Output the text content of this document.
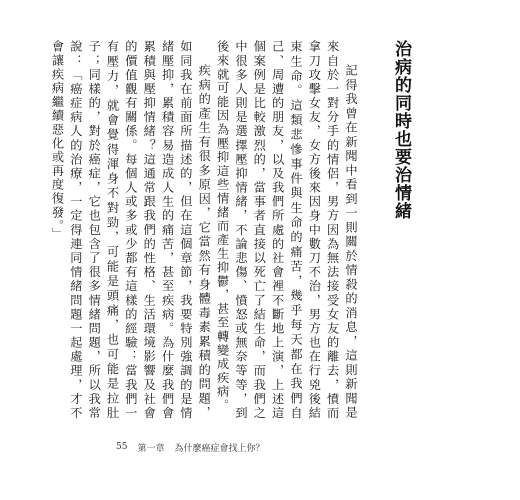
治病的同時也要治情緒

記得我曾在新聞中看到一則關於情殺的消息，這則新聞是來自於一對分手的情侶，男方因為無法接受女友的離去，憤而拿刀攻擊女友，女方後來因身中數刀不治，男方也在行兇後結束生命。這類悲慘事件與生命的痛苦，幾乎每天都在我們自己、周遭的朋友，以及我們所處的社會裡不斷地上演，上述這個案例是比較激烈的，當事者直接以死亡了結生命，而我們之中很多人則是選擇壓抑情緒，不論悲傷、憤怒或無奈等等，到後來就可能因為壓抑這些情緒而產生抑鬱，甚至轉變成疾病。

疾病的產生有很多原因，它當然有身體毒素累積的問題，如同我在前面所描述的，但在這個章節，我要特別強調的是情緒壓抑，累積容易造成人生的痛苦，甚至疾病。為什麼我們會累積與壓抑情緒？這通常跟我們的性格、生活環境影響及社會的價值觀有關係。每個人或多或少都有這樣的經驗：當我們一有壓力，就會覺得渾身不對勁，可能是頭痛，也可能是拉肚子；同樣的，對於癌症，它也包含了很多情緒問題，所以我常說：「癌症病人的治療，一定得連同情緒問題一起處理，才不會讓疾病繼續惡化或再度復發。」

55 第一章 為什麼癌症會找上你？
